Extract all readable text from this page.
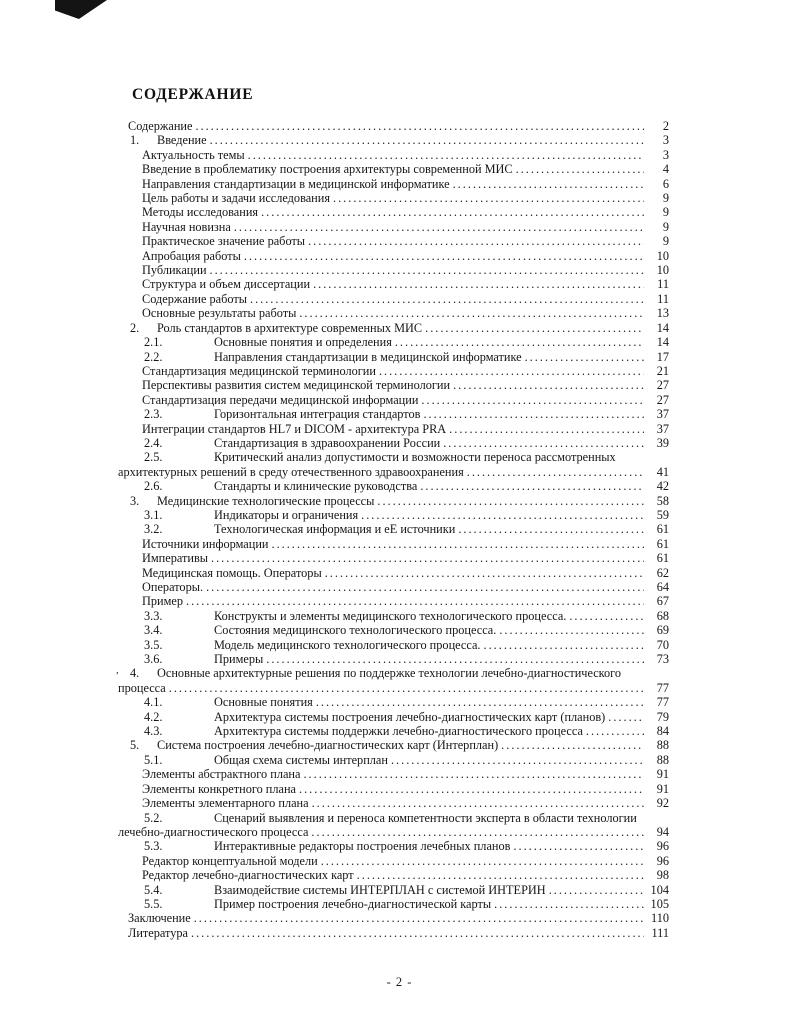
,
СОДЕРЖАНИЕ
Содержание .....	2
1.	Введение .....	3
Актуальность темы .....	3
Введение в проблематику построения архитектуры современной МИС .....	4
Направления стандартизации в медицинской информатике .....	6
Цель работы и задачи исследования .....	9
Методы исследования .....	9
Научная новизна .....	9
Практическое значение работы .....	9
Апробация работы .....	10
Публикации .....	10
Структура и объем диссертации .....	11
Содержание работы .....	11
Основные результаты работы .....	13
2.	Роль стандартов в архитектуре современных МИС .....	14
2.1.	Основные понятия и определения .....	14
2.2.	Направления стандартизации в медицинской информатике .....	17
Стандартизация медицинской терминологии .....	21
Перспективы развития систем медицинской терминологии .....	27
Стандартизация передачи медицинской информации .....	27
2.3.	Горизонтальная интеграция стандартов .....	37
Интеграции стандартов HL7 и DICOM - архитектура PRA .....	37
2.4.	Стандартизация в здравоохранении России .....	39
2.5.	Критический анализ допустимости и возможности переноса рассмотренных
архитектурных решений в среду отечественного здравоохранения .....	41
2.6.	Стандарты и клинические руководства .....	42
3.	Медицинские технологические процессы .....	58
3.1.	Индикаторы и ограничения .....	59
3.2.	Технологическая информация и еЕ источники .....	61
Источники информации .....	61
Императивы .....	61
Медицинская помощь. Операторы .....	62
Операторы. .....	64
Пример .....	67
3.3.	Конструкты и элементы медицинского технологического процесса. .....	68
3.4.	Состояния медицинского технологического процесса. .....	69
3.5.	Модель медицинского технологического процесса. .....	70
3.6.	Примеры .....	73
4.	Основные архитектурные решения по поддержке технологии лечебно-диагностического
процесса .....	77
4.1.	Основные понятия .....	77
4.2.	Архитектура системы построения лечебно-диагностических карт (планов) .....	79
4.3.	Архитектура системы поддержки лечебно-диагностического процесса .....	84
5.	Система построения лечебно-диагностических карт (Интерплан) .....	88
5.1.	Общая схема системы интерплан .....	88
Элементы абстрактного плана .....	91
Элементы конкретного плана .....	91
Элементы элементарного плана .....	92
5.2.	Сценарий выявления и переноса компетентности эксперта в области технологии
лечебно-диагностического процесса .....	94
5.3.	Интерактивные редакторы построения лечебных планов .....	96
Редактор концептуальной модели .....	96
Редактор лечебно-диагностических карт .....	98
5.4.	Взаимодействие системы ИНТЕРПЛАН с системой ИНТЕРИН .....	104
5.5.	Пример построения лечебно-диагностической карты .....	105
Заключение .....	110
Литература .....	111
- 2 -
